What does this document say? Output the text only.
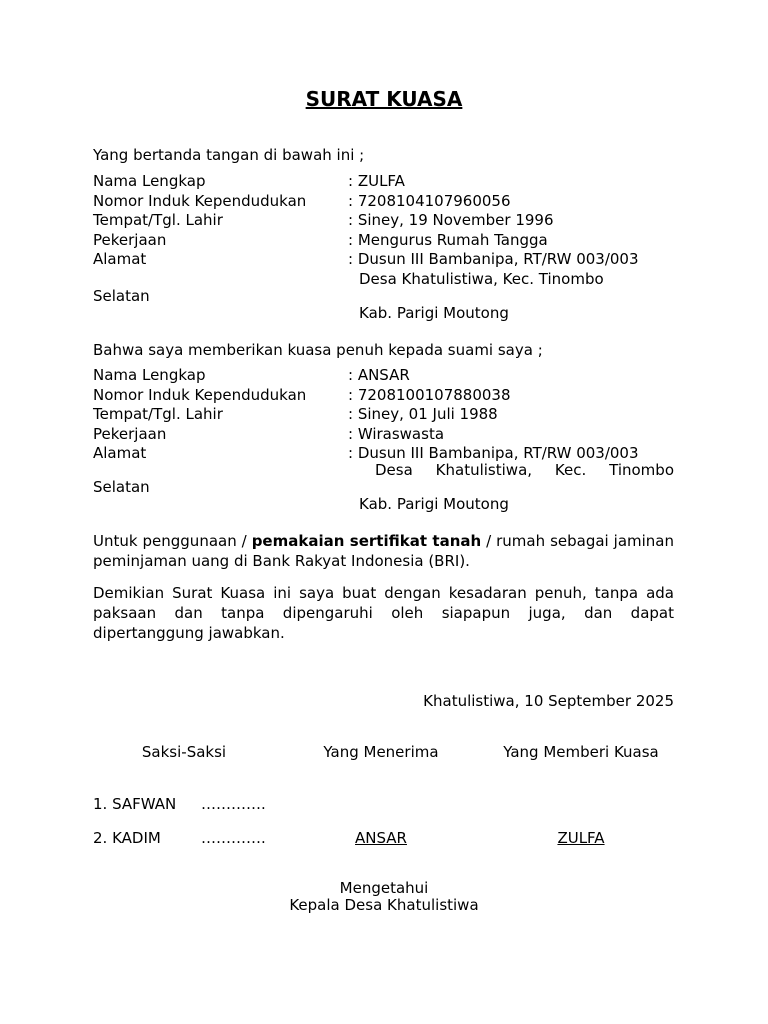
SURAT KUASA
Yang bertanda tangan di bawah ini ;
Nama Lengkap	: ZULFA
Nomor Induk Kependudukan	: 7208104107960056
Tempat/Tgl. Lahir	: Siney, 19 November 1996
Pekerjaan	: Mengurus Rumah Tangga
Alamat	: Dusun III Bambanipa, RT/RW 003/003
Desa Khatulistiwa, Kec. Tinombo
Selatan
Kab. Parigi Moutong
Bahwa saya memberikan kuasa penuh kepada suami saya ;
Nama Lengkap	: ANSAR
Nomor Induk Kependudukan	: 7208100107880038
Tempat/Tgl. Lahir	: Siney, 01 Juli 1988
Pekerjaan	: Wiraswasta
Alamat	: Dusun III Bambanipa, RT/RW 003/003
Desa Khatulistiwa, Kec. Tinombo
Selatan
Kab. Parigi Moutong
Untuk penggunaan / pemakaian sertifikat tanah / rumah sebagai jaminan peminjaman uang di Bank Rakyat Indonesia (BRI).
Demikian Surat Kuasa ini saya buat dengan kesadaran penuh, tanpa ada paksaan dan tanpa dipengaruhi oleh siapapun juga, dan dapat dipertanggung jawabkan.
Khatulistiwa, 10 September 2025
Saksi-Saksi	Yang Menerima	Yang Memberi Kuasa
1. SAFWAN ………….
2. KADIM	………….	ANSAR	ZULFA
Mengetahui
Kepala Desa Khatulistiwa
